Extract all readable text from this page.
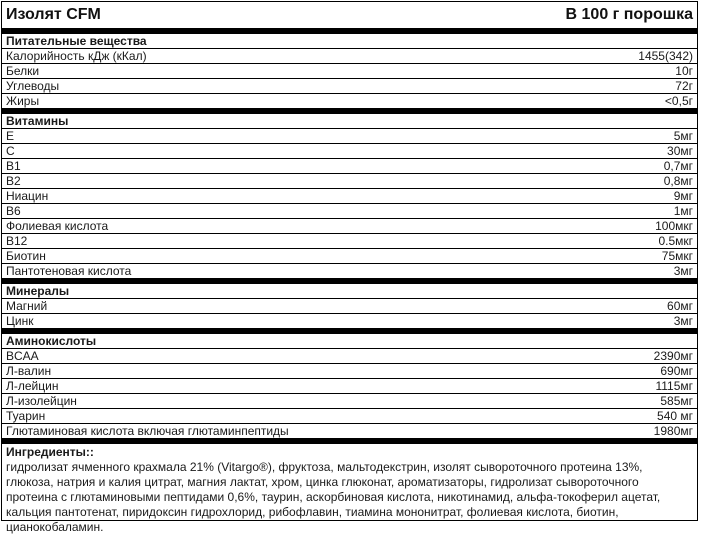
Изолят CFM	В 100 г порошка
Питательные вещества
Калорийность кДж (кКал)	1455(342)
Белки	10г
Углеводы	72г
Жиры	<0,5г
Витамины
E	5мг
C	30мг
B1	0,7мг
B2	0,8мг
Ниацин	9мг
B6	1мг
Фолиевая кислота	100мкг
B12	0.5мкг
Биотин	75мкг
Пантотеновая кислота	3мг
Минералы
Магний	60мг
Цинк	3мг
Аминокислоты
BCAA	2390мг
Л-валин	690мг
Л-лейцин	1115мг
Л-изолейцин	585мг
Туарин	540 мг
Глютаминовая кислота включая глютаминпептиды	1980мг
Ингредиенты::
гидролизат ячменного крахмала 21% (Vitargo®), фруктоза, мальтодекстрин, изолят сывороточного протеина 13%, глюкоза, натрия и калия цитрат, магния лактат, хром, цинка глюконат, ароматизаторы, гидролизат сывороточного протеина с глютаминовыми пептидами 0,6%, таурин, аскорбиновая кислота, никотинамид, альфа-токоферил ацетат, кальция пантотенат, пиридоксин гидрохлорид, рибофлавин, тиамина мононитрат, фолиевая кислота, биотин, цианокобаламин.
